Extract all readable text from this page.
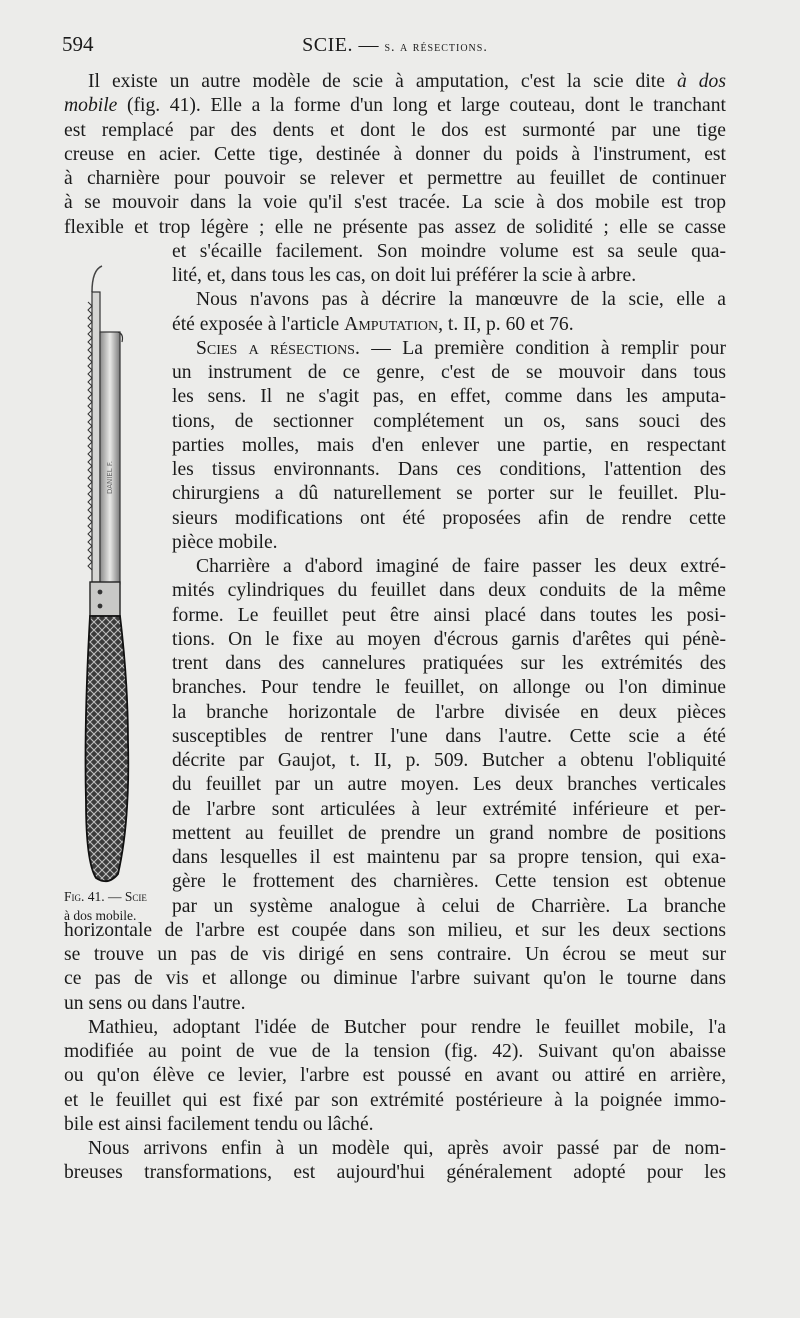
594	SCIE. — s. a résections.
Il existe un autre modèle de scie à amputation, c'est la scie dite à dos
mobile (fig. 41). Elle a la forme d'un long et large couteau, dont le tranchant
est remplacé par des dents et dont le dos est surmonté par une tige
creuse en acier. Cette tige, destinée à donner du poids à l'instrument, est
à charnière pour pouvoir se relever et permettre au feuillet de continuer
à se mouvoir dans la voie qu'il s'est tracée. La scie à dos mobile est trop
flexible et trop légère ; elle ne présente pas assez de solidité ; elle se casse
et s'écaille facilement. Son moindre volume est sa seule qua-
lité, et, dans tous les cas, on doit lui préférer la scie à arbre.
Nous n'avons pas à décrire la manœuvre de la scie, elle a
été exposée à l'article Amputation, t. II, p. 60 et 76.
Scies a résections. — La première condition à remplir pour
un instrument de ce genre, c'est de se mouvoir dans tous
les sens. Il ne s'agit pas, en effet, comme dans les amputa-
tions, de sectionner complétement un os, sans souci des
parties molles, mais d'en enlever une partie, en respectant
les tissus environnants. Dans ces conditions, l'attention des
chirurgiens a dû naturellement se porter sur le feuillet. Plu-
sieurs modifications ont été proposées afin de rendre cette
pièce mobile.
Charrière a d'abord imaginé de faire passer les deux extré-
mités cylindriques du feuillet dans deux conduits de la même
forme. Le feuillet peut être ainsi placé dans toutes les posi-
tions. On le fixe au moyen d'écrous garnis d'arêtes qui pénè-
trent dans des cannelures pratiquées sur les extrémités des
branches. Pour tendre le feuillet, on allonge ou l'on diminue
la branche horizontale de l'arbre divisée en deux pièces
susceptibles de rentrer l'une dans l'autre. Cette scie a été
décrite par Gaujot, t. II, p. 509. Butcher a obtenu l'obliquité
du feuillet par un autre moyen. Les deux branches verticales
de l'arbre sont articulées à leur extrémité inférieure et per-
mettent au feuillet de prendre un grand nombre de positions
dans lesquelles il est maintenu par sa propre tension, qui exa-
gère le frottement des charnières. Cette tension est obtenue
par un système analogue à celui de Charrière. La branche
horizontale de l'arbre est coupée dans son milieu, et sur les deux sections
se trouve un pas de vis dirigé en sens contraire. Un écrou se meut sur
ce pas de vis et allonge ou diminue l'arbre suivant qu'on le tourne dans
un sens ou dans l'autre.
Mathieu, adoptant l'idée de Butcher pour rendre le feuillet mobile, l'a
modifiée au point de vue de la tension (fig. 42). Suivant qu'on abaisse
ou qu'on élève ce levier, l'arbre est poussé en avant ou attiré en arrière,
et le feuillet qui est fixé par son extrémité postérieure à la poignée immo-
bile est ainsi facilement tendu ou lâché.
Nous arrivons enfin à un modèle qui, après avoir passé par de nom-
breuses transformations, est aujourd'hui généralement adopté pour les
DANIEL F.
Fig. 41. — Scie
à dos mobile.
